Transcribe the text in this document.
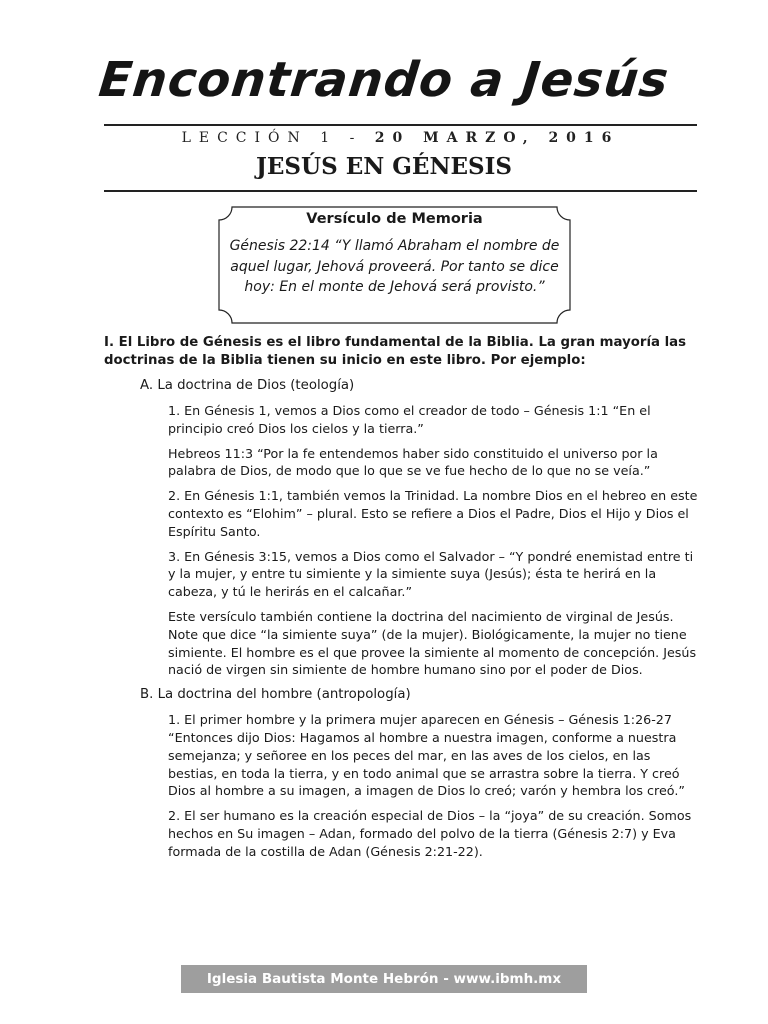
Encontrando a Jesús
LECCIÓN 1 - 20 MARZO, 2016
JESÚS EN GÉNESIS
Versículo de Memoria
Génesis 22:14 “Y llamó Abraham el nombre de aquel lugar, Jehová proveerá. Por tanto se dice hoy: En el monte de Jehová será provisto.”
I. El Libro de Génesis es el libro fundamental de la Biblia. La gran mayoría las doctrinas de la Biblia tienen su inicio en este libro. Por ejemplo:
A. La doctrina de Dios (teología)
1. En Génesis 1, vemos a Dios como el creador de todo – Génesis 1:1 “En el principio creó Dios los cielos y la tierra.”
Hebreos 11:3 “Por la fe entendemos haber sido constituido el universo por la palabra de Dios, de modo que lo que se ve fue hecho de lo que no se veía.”
2. En Génesis 1:1, también vemos la Trinidad. La nombre Dios en el hebreo en este contexto es “Elohim” – plural. Esto se refiere a Dios el Padre, Dios el Hijo y Dios el Espíritu Santo.
3. En Génesis 3:15, vemos a Dios como el Salvador – “Y pondré enemistad entre ti y la mujer, y entre tu simiente y la simiente suya (Jesús); ésta te herirá en la cabeza, y tú le herirás en el calcañar.”
Este versículo también contiene la doctrina del nacimiento de virginal de Jesús. Note que dice “la simiente suya” (de la mujer). Biológicamente, la mujer no tiene simiente. El hombre es el que provee la simiente al momento de concepción. Jesús nació de virgen sin simiente de hombre humano sino por el poder de Dios.
B. La doctrina del hombre (antropología)
1. El primer hombre y la primera mujer aparecen en Génesis – Génesis 1:26-27 “Entonces dijo Dios: Hagamos al hombre a nuestra imagen, conforme a nuestra semejanza; y señoree en los peces del mar, en las aves de los cielos, en las bestias, en toda la tierra, y en todo animal que se arrastra sobre la tierra. Y creó Dios al hombre a su imagen, a imagen de Dios lo creó; varón y hembra los creó.”
2. El ser humano es la creación especial de Dios – la “joya” de su creación. Somos hechos en Su imagen – Adan, formado del polvo de la tierra (Génesis 2:7) y Eva formada de la costilla de Adan (Génesis 2:21-22).
Iglesia Bautista Monte Hebrón - www.ibmh.mx
